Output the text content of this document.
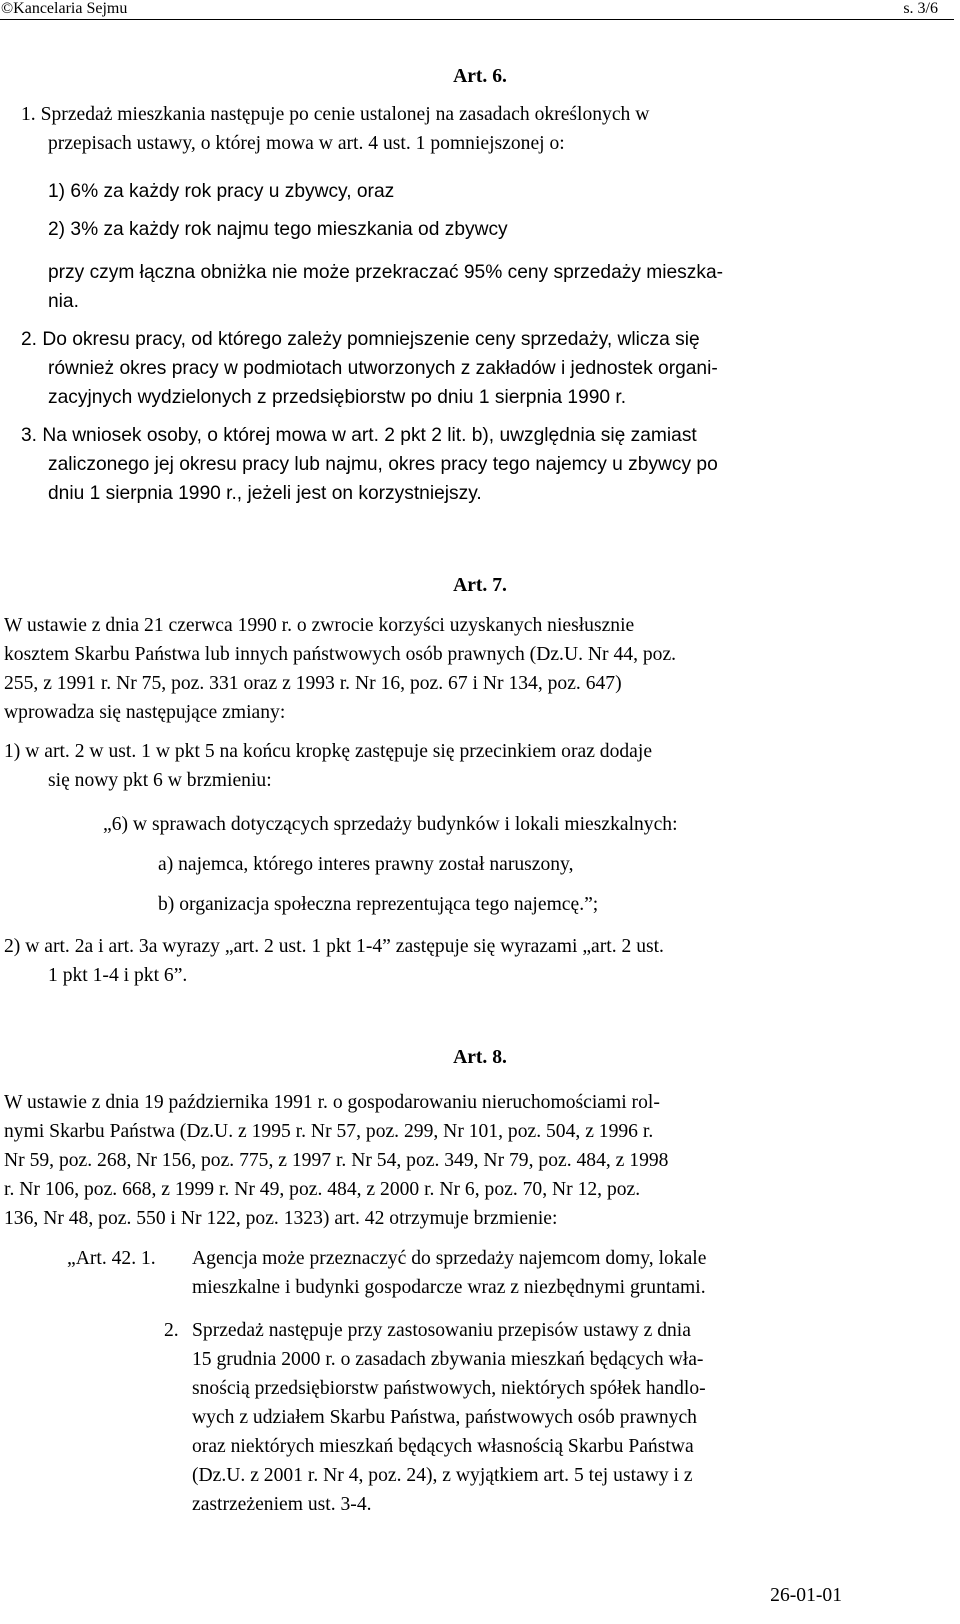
©Kancelaria Sejmu	s. 3/6
Art. 6.
1. Sprzedaż mieszkania następuje po cenie ustalonej na zasadach określonych w
przepisach ustawy, o której mowa w art. 4 ust. 1 pomniejszonej o:
1) 6% za każdy rok pracy u zbywcy, oraz
2) 3% za każdy rok najmu tego mieszkania od zbywcy
przy czym łączna obniżka nie może przekraczać 95% ceny sprzedaży mieszka-
nia.
2. Do okresu pracy, od którego zależy pomniejszenie ceny sprzedaży, wlicza się
również okres pracy w podmiotach utworzonych z zakładów i jednostek organi-
zacyjnych wydzielonych z przedsiębiorstw po dniu 1 sierpnia 1990 r.
3. Na wniosek osoby, o której mowa w art. 2 pkt 2 lit. b), uwzględnia się zamiast
zaliczonego jej okresu pracy lub najmu, okres pracy tego najemcy u zbywcy po
dniu 1 sierpnia 1990 r., jeżeli jest on korzystniejszy.
Art. 7.
W ustawie z dnia 21 czerwca 1990 r. o zwrocie korzyści uzyskanych niesłusznie
kosztem Skarbu Państwa lub innych państwowych osób prawnych (Dz.U. Nr 44, poz.
255, z 1991 r. Nr 75, poz. 331 oraz z 1993 r. Nr 16, poz. 67 i Nr 134, poz. 647)
wprowadza się następujące zmiany:
1) w art. 2 w ust. 1 w pkt 5 na końcu kropkę zastępuje się przecinkiem oraz dodaje
się nowy pkt 6 w brzmieniu:
„6) w sprawach dotyczących sprzedaży budynków i lokali mieszkalnych:
a) najemca, którego interes prawny został naruszony,
b) organizacja społeczna reprezentująca tego najemcę.”;
2) w art. 2a i art. 3a wyrazy „art. 2 ust. 1 pkt 1-4” zastępuje się wyrazami „art. 2 ust.
1 pkt 1-4 i pkt 6”.
Art. 8.
W ustawie z dnia 19 października 1991 r. o gospodarowaniu nieruchomościami rol-
nymi Skarbu Państwa (Dz.U. z 1995 r. Nr 57, poz. 299, Nr 101, poz. 504, z 1996 r.
Nr 59, poz. 268, Nr 156, poz. 775, z 1997 r. Nr 54, poz. 349, Nr 79, poz. 484, z 1998
r. Nr 106, poz. 668, z 1999 r. Nr 49, poz. 484, z 2000 r. Nr 6, poz. 70, Nr 12, poz.
136, Nr 48, poz. 550 i Nr 122, poz. 1323) art. 42 otrzymuje brzmienie:
„Art. 42. 1. Agencja może przeznaczyć do sprzedaży najemcom domy, lokale
mieszkalne i budynki gospodarcze wraz z niezbędnymi gruntami.
2. Sprzedaż następuje przy zastosowaniu przepisów ustawy z dnia
15 grudnia 2000 r. o zasadach zbywania mieszkań będących wła-
snością przedsiębiorstw państwowych, niektórych spółek handlo-
wych z udziałem Skarbu Państwa, państwowych osób prawnych
oraz niektórych mieszkań będących własnością Skarbu Państwa
(Dz.U. z 2001 r. Nr 4, poz. 24), z wyjątkiem art. 5 tej ustawy i z
zastrzeżeniem ust. 3-4.
26-01-01
